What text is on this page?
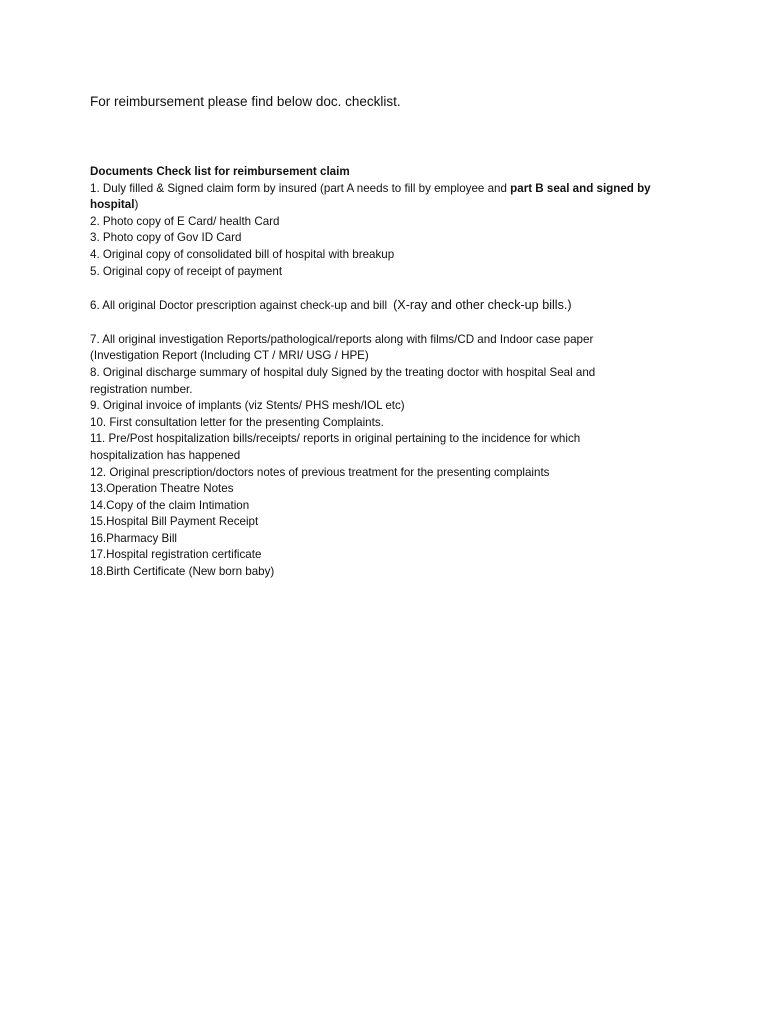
For reimbursement please find below doc. checklist.
Documents Check list for reimbursement claim
1. Duly filled & Signed claim form by insured (part A needs to fill by employee and part B seal and signed by hospital)
2. Photo copy of E Card/ health Card
3. Photo copy of Gov ID Card
4. Original copy of consolidated bill of hospital with breakup
5. Original copy of receipt of payment
6. All original Doctor prescription against check-up and bill (X-ray and other check-up bills.)
7. All original investigation Reports/pathological/reports along with films/CD and Indoor case paper
(Investigation Report (Including CT / MRI/ USG / HPE)
8. Original discharge summary of hospital duly Signed by the treating doctor with hospital Seal and
registration number.
9. Original invoice of implants (viz Stents/ PHS mesh/IOL etc)
10. First consultation letter for the presenting Complaints.
11. Pre/Post hospitalization bills/receipts/ reports in original pertaining to the incidence for which
hospitalization has happened
12. Original prescription/doctors notes of previous treatment for the presenting complaints
13.Operation Theatre Notes
14.Copy of the claim Intimation
15.Hospital Bill Payment Receipt
16.Pharmacy Bill
17.Hospital registration certificate
18.Birth Certificate (New born baby)
